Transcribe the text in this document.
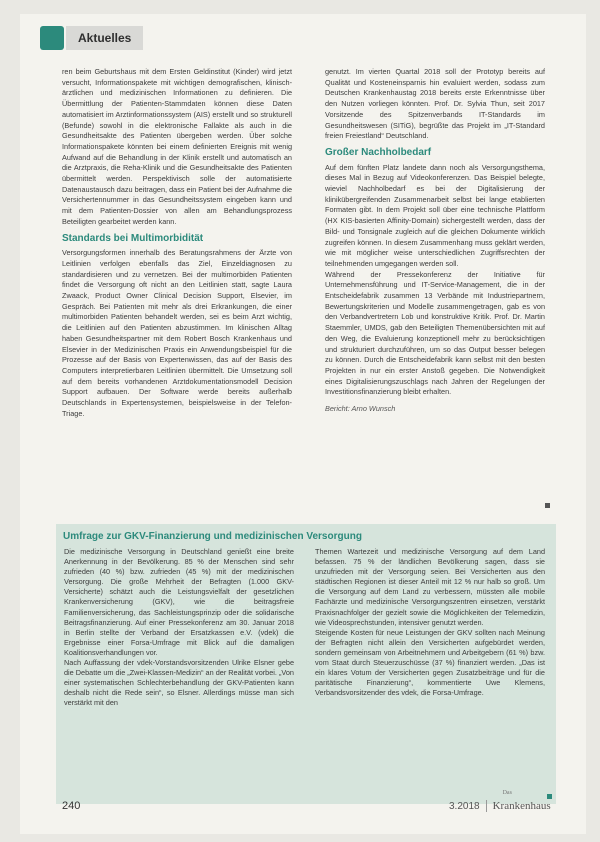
Aktuelles

ren beim Geburtshaus mit dem Ersten Geldinstitut (Kinder) wird jetzt versucht, Informationspakete mit wichtigen demografischen, klinisch-ärztlichen und medizinischen Informationen zu definieren. Die Übermittlung der Patienten-Stammdaten können diese Daten automatisiert im Arztinformationssystem (AIS) erstellt und so strukturell (Befunde) sowohl in die elektronische Fallakte als auch in die Gesundheitsakte des Patienten übergeben werden. Über solche Informationspakete könnten bei einem definierten Ereignis mit wenig Aufwand auf die Behandlung in der Klinik erstellt und automatisch an die Arztpraxis, die Reha-Klinik und die Gesundheitsakte des Patienten übermittelt werden. Perspektivisch solle der automatisierte Datenaustausch dazu beitragen, dass ein Patient bei der Aufnahme die Versichertennummer in das Gesundheitssystem eingeben kann und mit dem Patienten-Dossier von allen am Behandlungsprozess Beteiligten gearbeitet werden kann.

Standards bei Multimorbidität

Versorgungsformen innerhalb des Beratungsrahmens der Ärzte von Leitlinien verfolgen ebenfalls das Ziel, Einzeldiagnosen zu standardisieren und zu vernetzen. Bei der multimorbiden Patienten findet die Versorgung oft nicht an den Leitlinien statt, sagte Laura Zwaack, Product Owner Clinical Decision Support, Elsevier, im Gespräch. Bei Patienten mit mehr als drei Erkrankungen, die einer multimorbiden Patienten behandelt werden, sei es beim Arzt wichtig, die Leitlinien auf den Patienten abzustimmen. Im klinischen Alltag haben Gesundheitspartner mit dem Robert Bosch Krankenhaus und Elsevier in der Medizinischen Praxis ein Anwendungsbeispiel für die Prozesse auf der Basis von Expertenwissen, das auf der Basis des Computers interpretierbaren Leitlinien übermittelt. Die Umsetzung soll auf dem bereits vorhandenen Arztdokumentationsmodell Decision Support aufbauen. Der Software werde bereits außerhalb Deutschlands in Expertensystemen, beispielsweise in der Telefon-Triage.

genutzt. Im vierten Quartal 2018 soll der Prototyp bereits auf Qualität und Kosteneinsparnis hin evaluiert werden, sodass zum Deutschen Krankenhaustag 2018 bereits erste Erkenntnisse über den Nutzen vorliegen könnten. Prof. Dr. Sylvia Thun, seit 2017 Vorsitzende des Spitzenverbands IT-Standards im Gesundheitswesen (SITiG), begrüßte das Projekt im „IT-Standard freien Freiestland“ Deutschland.

Großer Nachholbedarf

Auf dem fünften Platz landete dann noch als Versorgungsthema, dieses Mal in Bezug auf Videokonferenzen. Das Beispiel belegte, wieviel Nachholbedarf es bei der Digitalisierung der klinikübergreifenden Zusammenarbeit selbst bei lange etablierten Formaten gibt. In dem Projekt soll über eine technische Plattform (HX KIS-basierten Affinity-Domain) sichergestellt werden, dass der Bild- und Tonsignale zugleich auf die gleichen Dokumente wirklich zugreifen können. In diesem Zusammenhang muss geklärt werden, wie mit möglicher weise unterschiedlichen Zugriffsrechten der teilnehmenden umgegangen werden soll.

Während der Pressekonferenz der Initiative für Unternehmensführung und IT-Service-Management, die in der Entscheidefabrik zusammen 13 Verbände mit Industriepartnern, Bewertungskriterien und Modelle zusammengetragen, gab es von den Verbandvertretern Lob und konstruktive Kritik. Prof. Dr. Martin Staemmler, UMDS, gab den Beteiligten Themenübersichten mit auf den Weg, die Evaluierung konzeptionell mehr zu berücksichtigen und strukturiert durchzuführen, um so das Output besser belegen zu können. Durch die Entscheidefabrik kann selbst mit den besten Projekten in nur ein erster Anstoß gegeben. Die Notwendigkeit eines Digitalisierungszuschlags nach Jahren der Regelungen der Investitionsfinanzierung bleibt erhalten.

Bericht: Arno Wunsch
Umfrage zur GKV-Finanzierung und medizinischen Versorgung

Die medizinische Versorgung in Deutschland genießt eine breite Anerkennung in der Bevölkerung. 85 % der Menschen sind sehr zufrieden (40 %) bzw. zufrieden (45 %) mit der medizinischen Versorgung. Die große Mehrheit der Befragten (1.000 GKV-Versicherte) schätzt auch die Leistungsvielfalt der gesetzlichen Krankenversicherung (GKV), wie die beitragsfreie Familienversicherung, das Sachleistungsprinzip oder die solidarische Beitragsfinanzierung. Auf einer Pressekonferenz am 30. Januar 2018 in Berlin stellte der Verband der Ersatzkassen e.V. (vdek) die Ergebnisse einer Forsa-Umfrage mit Blick auf die damaligen Koalitionsverhandlungen vor.

Nach Auffassung der vdek-Vorstandsvorsitzenden Ulrike Elsner gebe die Debatte um die „Zwei-Klassen-Medizin“ an der Realität vorbei. „Von einer systematischen Schlechterbehandlung der GKV-Patienten kann deshalb nicht die Rede sein“, so Elsner. Allerdings müsse man sich verstärkt mit den

Themen Wartezeit und medizinische Versorgung auf dem Land befassen. 75 % der ländlichen Bevölkerung sagen, dass sie unzufrieden mit der Versorgung seien. Bei Versicherten aus den städtischen Regionen ist dieser Anteil mit 12 % nur halb so groß. Um die Versorgung auf dem Land zu verbessern, müssten alle mobile Fachärzte und medizinische Versorgungszentren einsetzen, verstärkt Praxisnachfolger der gezielt sowie die Möglichkeiten der Telemedizin, wie Videosprechstunden, intensiver genutzt werden.

Steigende Kosten für neue Leistungen der GKV sollten nach Meinung der Befragten nicht allein den Versicherten aufgebürdet werden, sondern gemeinsam von Arbeitnehmern und Arbeitgebern (61 %) bzw. vom Staat durch Steuerzuschüsse (37 %) finanziert werden. „Das ist ein klares Votum der Versicherten gegen Zusatzbeiträge und für die paritätische Finanzierung“, kommentierte Uwe Klemens, Verbandsvorsitzender des vdek, die Forsa-Umfrage.

240	3.2018
Das
Krankenhaus
